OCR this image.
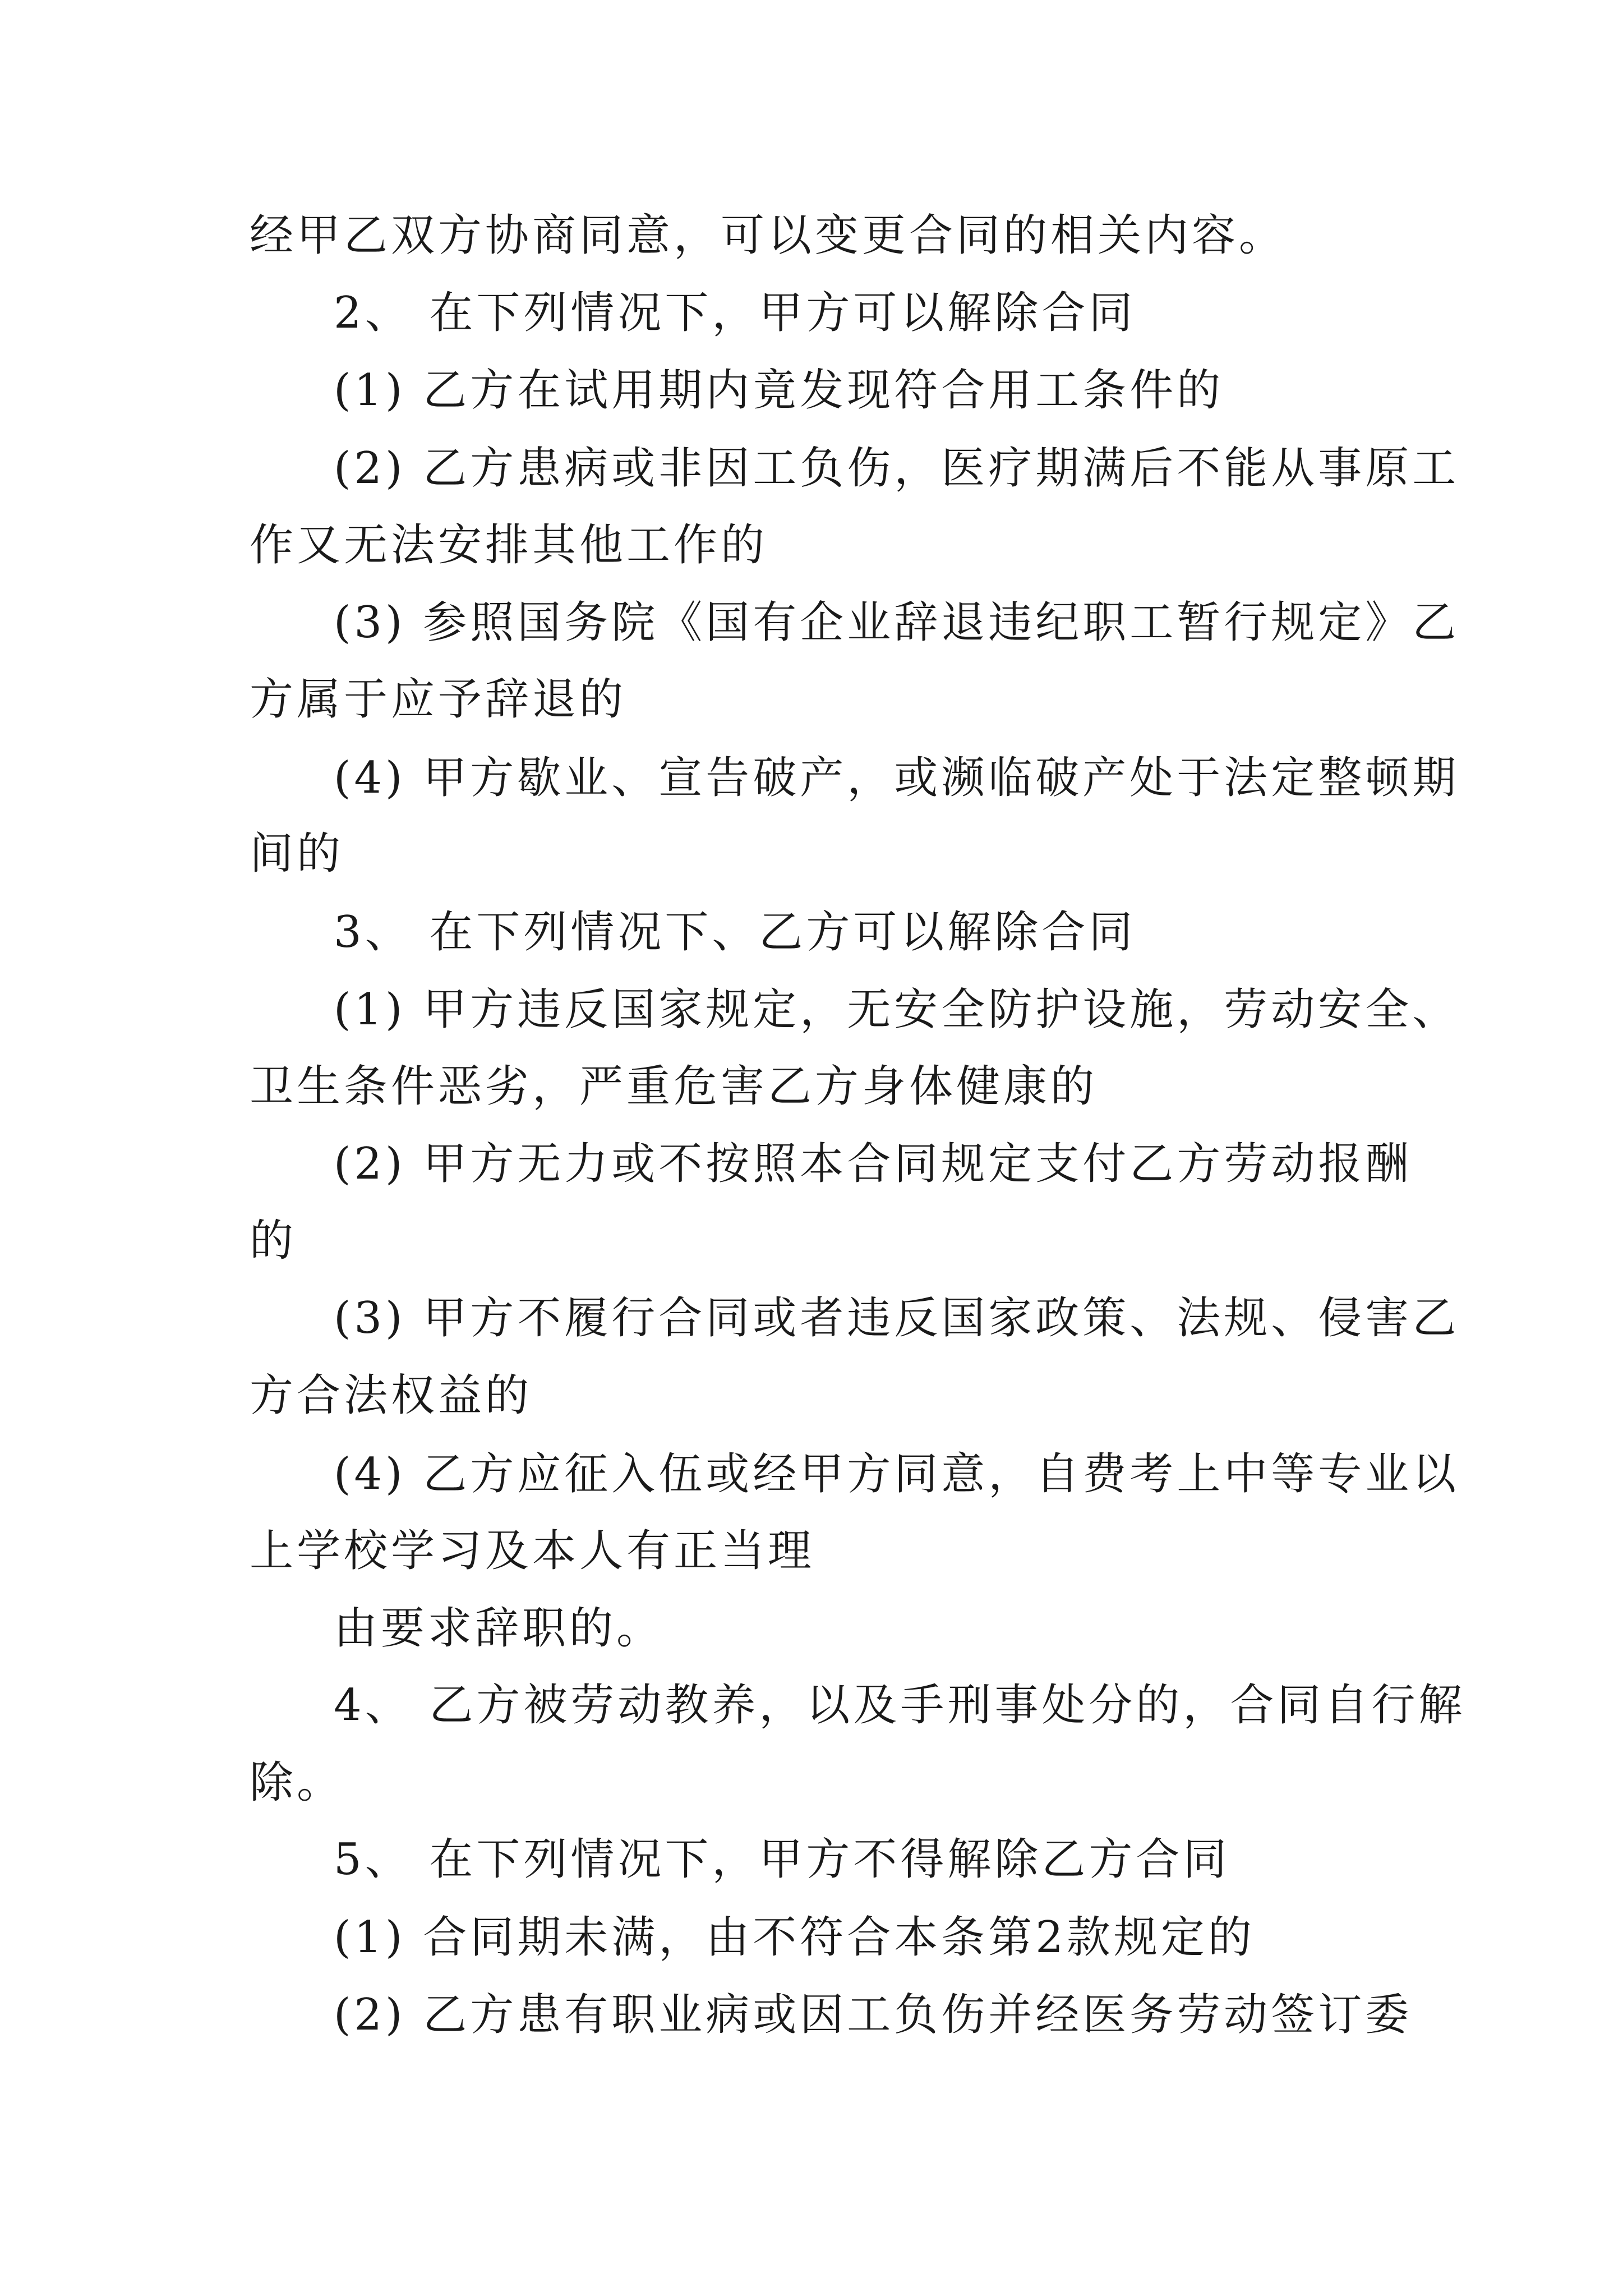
经甲乙双方协商同意，可以变更合同的相关内容。
2、 在下列情况下，甲方可以解除合同
(1) 乙方在试用期内竟发现符合用工条件的
(2) 乙方患病或非因工负伤，医疗期满后不能从事原工
作又无法安排其他工作的
(3) 参照国务院《国有企业辞退违纪职工暂行规定》乙
方属于应予辞退的
(4) 甲方歇业、宣告破产，或濒临破产处于法定整顿期
间的
3、 在下列情况下、乙方可以解除合同
(1) 甲方违反国家规定，无安全防护设施，劳动安全、
卫生条件恶劣，严重危害乙方身体健康的
(2) 甲方无力或不按照本合同规定支付乙方劳动报酬
的
(3) 甲方不履行合同或者违反国家政策、法规、侵害乙
方合法权益的
(4) 乙方应征入伍或经甲方同意，自费考上中等专业以
上学校学习及本人有正当理
由要求辞职的。
4、 乙方被劳动教养，以及手刑事处分的，合同自行解
除。
5、 在下列情况下，甲方不得解除乙方合同
(1) 合同期未满，由不符合本条第2款规定的
(2) 乙方患有职业病或因工负伤并经医务劳动签订委
